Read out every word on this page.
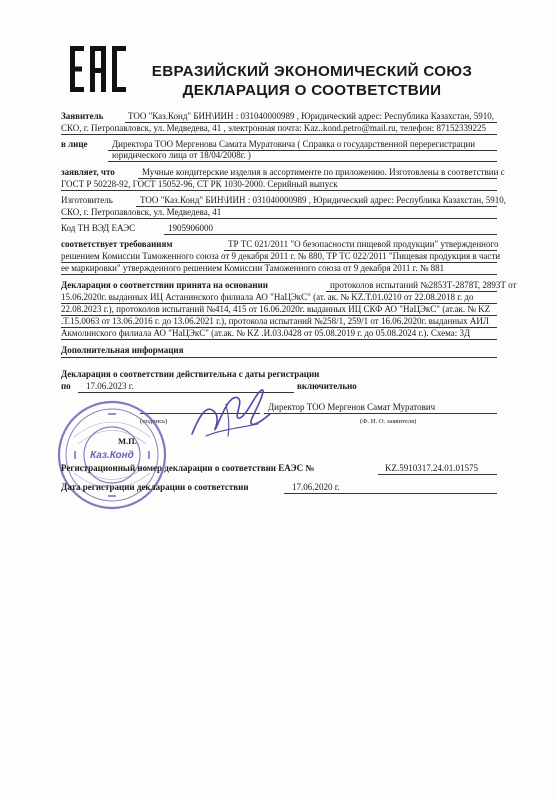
ЕВРАЗИЙСКИЙ ЭКОНОМИЧЕСКИЙ СОЮЗ
ДЕКЛАРАЦИЯ О СООТВЕТСТВИИ
Заявитель	ТОО "Каз.Конд" БИН\ИИН : 031040000989 , Юридический адрес: Республика Казахстан, 5910,
СКО, г. Петропавловск, ул. Медведева, 41 , электронная почта: Kaz..kond.petro@mail.ru, телефон: 87152339225
в лице	Директора ТОО Мергенова Самата Муратовича ( Справка о государственной перерегистрации
юридического лица от 18/04/2008г. )
заявляет, что	Мучные кондитерские изделия в ассортименте по приложению. Изготовлены в соответствии с
ГОСТ Р 50228-92, ГОСТ 15052-96, СТ РК 1030-2000. Серийный выпуск
Изготовитель	ТОО "Каз.Конд" БИН\ИИН : 031040000989 , Юридический адрес: Республика Казахстан, 5910,
СКО, г. Петропавловск, ул. Медведева, 41
Код ТН ВЭД ЕАЭС	1905906000
соответствует требованиям	ТР ТС 021/2011 "О безопасности пищевой продукции" утвержденного
решением Комиссии Таможенного союза от 9 декабря 2011 г. № 880, ТР ТС 022/2011 "Пищевая продукция в части
ее маркировки" утвержденного решением Комиссии Таможенного союза от 9 декабря 2011 г. № 881
Декларация о соответствии принята на основании	протоколов испытаний №2853Т-2878Т, 2893Т от
15.06.2020г. выданных ИЦ Астанинского филиала АО "НаЦЭкС" (ат. ак. № KZ.Т.01.0210 от 22.08.2018 г. до
22.08.2023 г.), протоколов испытаний №414, 415 от 16.06.2020г. выданных ИЦ СКФ АО "НаЦЭкС" (ат.ак. № KZ
.Т.15.0063 от 13.06.2016 г. до 13.06.2021 г.), протокола испытаний №258/1, 259/1 от 16.06.2020г. выданных АИЛ
Акмолинского филиала АО "НаЦЭкС" (ат.ак. № KZ .И.03.0428 от 05.08.2019 г. до 05.08.2024 г.). Схема: 3Д
Дополнительная информация
Декларация о соответствии действительна с даты регистрации
по 17.06.2023 г.	включительно
(подпись)
Директор ТОО Мергенов Самат Муратович
(Ф. И. О. заявителя)
Каз.Конд
М.П.
Регистрационный номер декларации о соответствии ЕАЭС №	KZ.5910317.24.01.01575
Дата регистрации декларации о соответствии	17.06.2020 г.
